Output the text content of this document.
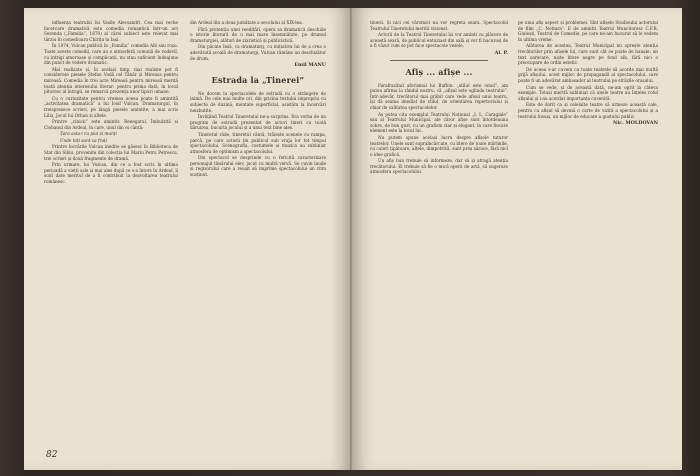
influența teatrului lui Vasile Alecsandri. Cea mai veche încercare dramatică este comedia romantică într-un act Serenda („Familia”, 1870) al cărei subiect este relevat mai târziu în comedioara Chirița la Iași.

În 1874, Vulcan publică în „Familia” comedia Alb sau roșu. Toate aceste comedii, care au o atmosferă comună de vodevil, cu intrigi amoroase și complicații, nu stau suficient îndeajuns din punct de vedere dramatic.

Mai realizate și, în același timp, mai realiste pot fi considerate piesele Ștefan Vodă cel Tânăr și Mireasa pentru mireasă. Comedia în trei acte Mireasă pentru mireasă merită toată atenția interesului literar: pentru prima dată, în locul pitoresc al intrigii, se remarcă prezența unor tipuri umane.

Cu o curiozitate pentru vremea aceea poate fi amintită „activitatea dramatică” a lui Iosif Vulcan. Dramaturgul, în treisprezece scrieri, pe lângă piesele amintite, a mai scris Lilia, Jocul lui Orban și altele.

Printre „cinicii” este amintit: Renegatul, Îmbulzită și Ciobanul din Ardeal, în care, unul din ei cântă:

Țara asta-i cu plai și munți

Unde toți sunt ca frați

Printre lucrările Vulcan inedite se găsesc în Biblioteca de Stat din Sibiu, provenite din colecția lui Mariu Petru Petrescu, trei scrieri și două fragmente de dramă.

Prin urmare, lui Vulcan, din ce a fost scris în ultima perioadă a vieții sale și mai ales după ce s-a întors în Ardeal, îi sunt date meritul de a fi contribuit la dezvoltarea teatrului românesc.

din Ardeal din a doua jumătate a secolului al XIX-lea.

Fără pretenția unei reeditări, opera sa dramatică deschide o istorie literară de o mai mare însemnătate, pe drumul dramaturgiei, alături de ziaristică și publicistică.

Din păcate însă, ca dramaturg, cu inițiativa lui de a crea o adevărată școală de dramaturgi, Vulcan rămâne un deschizător de drum.

Emil MANU
Estrada la „Tinerei”

Ne docem la spectacolele de estradă cu o strângere de inimă. De cele mai multe ori, din pricina textului impropriu cu subiecte de duzină, montate superficial, asistăm la încercări neizbutite.

Învățând Teatrul Tineretului ne-a surprins. Era vorba de un program de estradă prezentat de actori tineri cu toată dăruirea, bucuria jocului și a unui text bine ales.

Tineretul râde, tineretul cântă, trăiește scenele cu rampa, parcă, pe care actorii țin publicul sub vraja lor tot timpul spectacolului. Scenografia, costumele și muzica au subliniat atmosfera de optimism a spectacolului.

Din spectacol se desprinde cu o fericită caracterizare personajul tânărului elev, jucat cu multă vervă. Se cuvin laude și regizorului care a reușit să imprime spectacolului un ritm susținut.

82

tinerii. Și nici cei vârstnici nu vor regreta seara. Spectacolul Teatrului Tineretului merită vizionat.

Actorii de la Teatrul Tineretului își vor aminti cu plăcere de această seară, de publicul entuziast din sală și vor fi bucuroși de a fi văzut cum se pot face spectacole vesele.

Al. P.
Afiș ... afișe ...

Parafrazând aforismul lui Buffon: „stilul este omul”, am putea afirma la rândul nostru, că „afișul este oglinda teatrului”. Într-adevăr, trecătorul mai grăbit care vede afișul unui teatru, își dă seama imediat de stilul, de orientarea repertoriului și chiar de calitatea spectacolelor.

Aș putea cita exemplul Teatrului Național „I. L. Caragiale” sau al Teatrului Municipal, ale căror afișe sunt întotdeauna sobre, de bun gust, cu un grafism clar și elegant, în care fiecare element este la locul lui.

Nu putem spune același lucru despre afișele tuturor teatrelor. Unele sunt supraîncărcate, cu litere de toate mărimile, cu culori țipătoare, altele, dimpotrivă, sunt prea sărace, fără nici o idee grafică.

Un afiș bun trebuie să informeze, dar să și atragă atenția trecătorului. El trebuie să fie o mică operă de artă, să sugereze atmosfera spectacolului.

pe unui afiș aspect și problemei. Sînt afișele Studioului actorului de film „C. Nottara”. E de amintit Teatrul Muncitoresc C.F.R. Giulești, Teatrul de Comedie, pe care ne-am bucurat să le vedem în ultima vreme.

Alăturea de acestea, Teatrul Municipal nu oprește atenția trecătorilor prin afișele lui, care sunt cât se poate de banale: un text oarecare, niște litere negre pe fond alb, fără nici o preocupare de ordin estetic.

De aceea s-ar cuveni ca toate teatrele să acorde mai multă grijă afișului, acest mijloc de propagandă al spectacolului, care poate fi un adevărat ambasador al teatrului pe străzile orașului.

Cum se vede, și de această dată, ne-am oprit la câteva exemple. Totuși merită subliniat că unele teatre au înțeles rolul afișului și i-au acordat importanța cuvenită.

Este de dorit ca și celelalte teatre să urmeze această cale, pentru ca afișul să devină o carte de vizită a spectacolului și a teatrului însuși, un mijloc de educare a gustului public.

Nic. MOLDOVAN
